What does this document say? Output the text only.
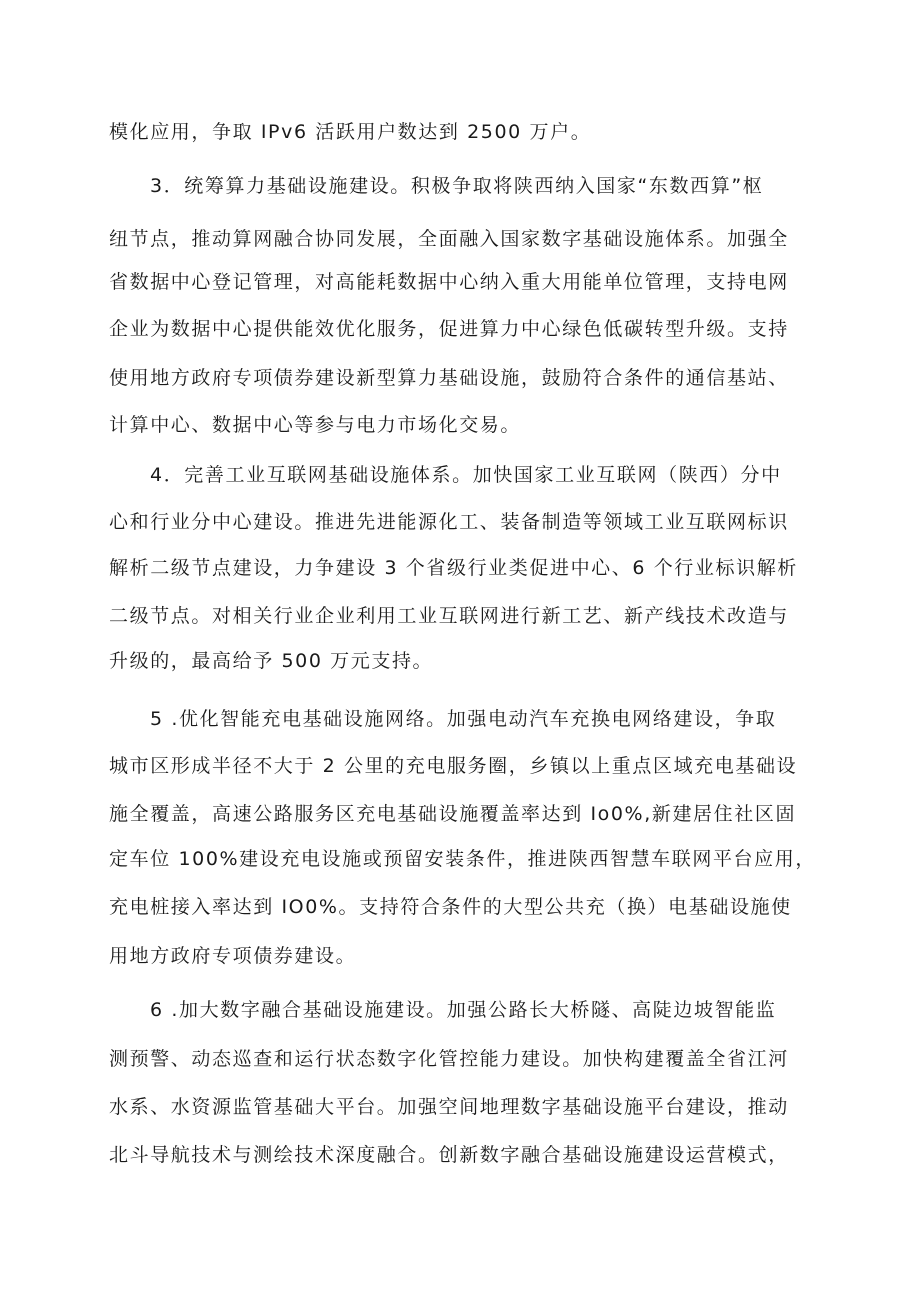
模化应用，争取 IPv6 活跃用户数达到 2500 万户。

3．统筹算力基础设施建设。积极争取将陕西纳入国家“东数西算”枢

纽节点，推动算网融合协同发展，全面融入国家数字基础设施体系。加强全

省数据中心登记管理，对高能耗数据中心纳入重大用能单位管理，支持电网

企业为数据中心提供能效优化服务，促进算力中心绿色低碳转型升级。支持

使用地方政府专项债券建设新型算力基础设施，鼓励符合条件的通信基站、

计算中心、数据中心等参与电力市场化交易。

4．完善工业互联网基础设施体系。加快国家工业互联网（陕西）分中

心和行业分中心建设。推进先进能源化工、装备制造等领域工业互联网标识

解析二级节点建设，力争建设 3 个省级行业类促进中心、6 个行业标识解析

二级节点。对相关行业企业利用工业互联网进行新工艺、新产线技术改造与

升级的，最高给予 500 万元支持。

5 .优化智能充电基础设施网络。加强电动汽车充换电网络建设，争取

城市区形成半径不大于 2 公里的充电服务圈，乡镇以上重点区域充电基础设

施全覆盖，高速公路服务区充电基础设施覆盖率达到 Io0%,新建居住社区固

定车位 100%建设充电设施或预留安装条件，推进陕西智慧车联网平台应用，

充电桩接入率达到 IO0%。支持符合条件的大型公共充（换）电基础设施使

用地方政府专项债券建设。

6 .加大数字融合基础设施建设。加强公路长大桥隧、高陡边坡智能监

测预警、动态巡查和运行状态数字化管控能力建设。加快构建覆盖全省江河

水系、水资源监管基础大平台。加强空间地理数字基础设施平台建设，推动

北斗导航技术与测绘技术深度融合。创新数字融合基础设施建设运营模式，
